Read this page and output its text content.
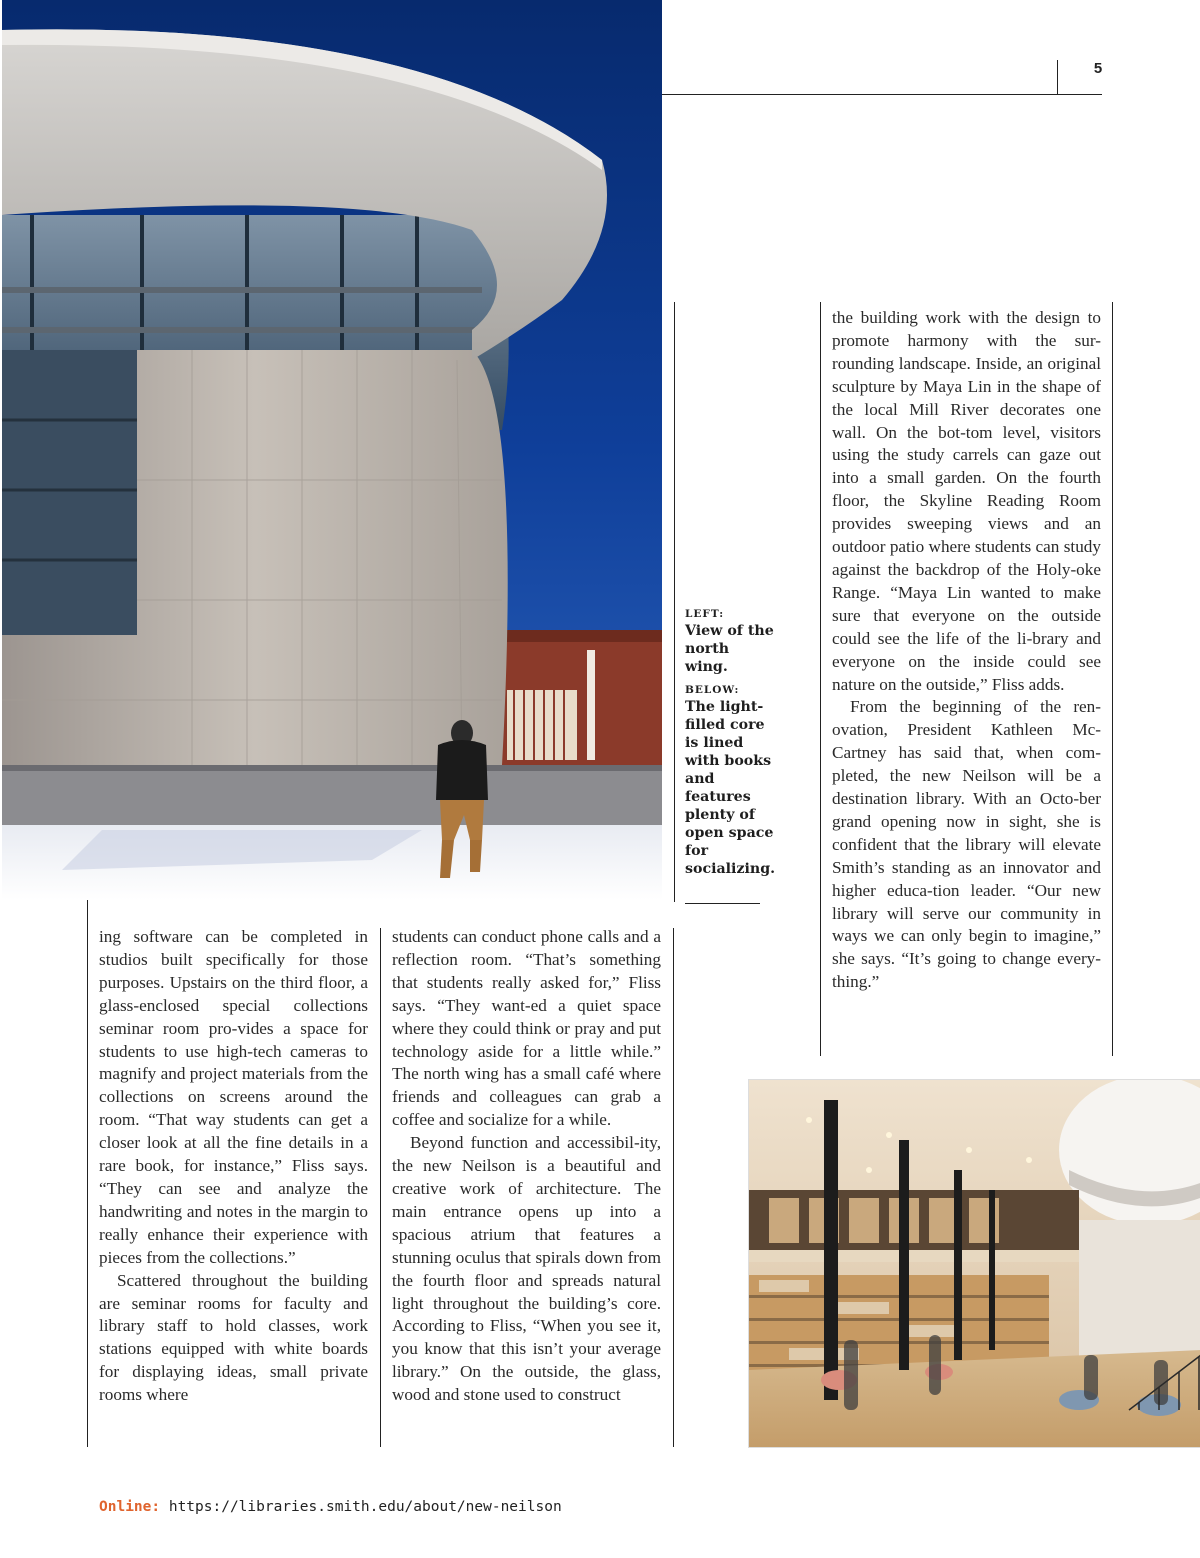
5
LEFT:
View of the north wing.
BELOW:
The light-filled core is lined with books and features plenty of open space for socializing.

the building work with the design to promote harmony with the sur-rounding landscape. Inside, an original sculpture by Maya Lin in the shape of the local Mill River decorates one wall. On the bot-tom level, visitors using the study carrels can gaze out into a small garden. On the fourth floor, the Skyline Reading Room provides sweeping views and an outdoor patio where students can study against the backdrop of the Holy-oke Range. “Maya Lin wanted to make sure that everyone on the outside could see the life of the li-brary and everyone on the inside could see nature on the outside,” Fliss adds.

From the beginning of the ren-ovation, President Kathleen Mc-Cartney has said that, when com-pleted, the new Neilson will be a destination library. With an Octo-ber grand opening now in sight, she is confident that the library will elevate Smith’s standing as an innovator and higher educa-tion leader. “Our new library will serve our community in ways we can only begin to imagine,” she says. “It’s going to change every-thing.”

ing software can be completed in studios built specifically for those purposes. Upstairs on the third floor, a glass-enclosed special collections seminar room pro-vides a space for students to use high-tech cameras to magnify and project materials from the collections on screens around the room. “That way students can get a closer look at all the fine details in a rare book, for instance,” Fliss says. “They can see and analyze the handwriting and notes in the margin to really enhance their experience with pieces from the collections.”

Scattered throughout the building are seminar rooms for faculty and library staff to hold classes, work stations equipped with white boards for displaying ideas, small private rooms where

students can conduct phone calls and a reflection room. “That’s something that students really asked for,” Fliss says. “They want-ed a quiet space where they could think or pray and put technology aside for a little while.” The north wing has a small café where friends and colleagues can grab a coffee and socialize for a while.

Beyond function and accessibil-ity, the new Neilson is a beautiful and creative work of architecture. The main entrance opens up into a spacious atrium that features a stunning oculus that spirals down from the fourth floor and spreads natural light throughout the building’s core. According to Fliss, “When you see it, you know that this isn’t your average library.” On the outside, the glass, wood and stone used to construct

Online: https://libraries.smith.edu/about/new-neilson
